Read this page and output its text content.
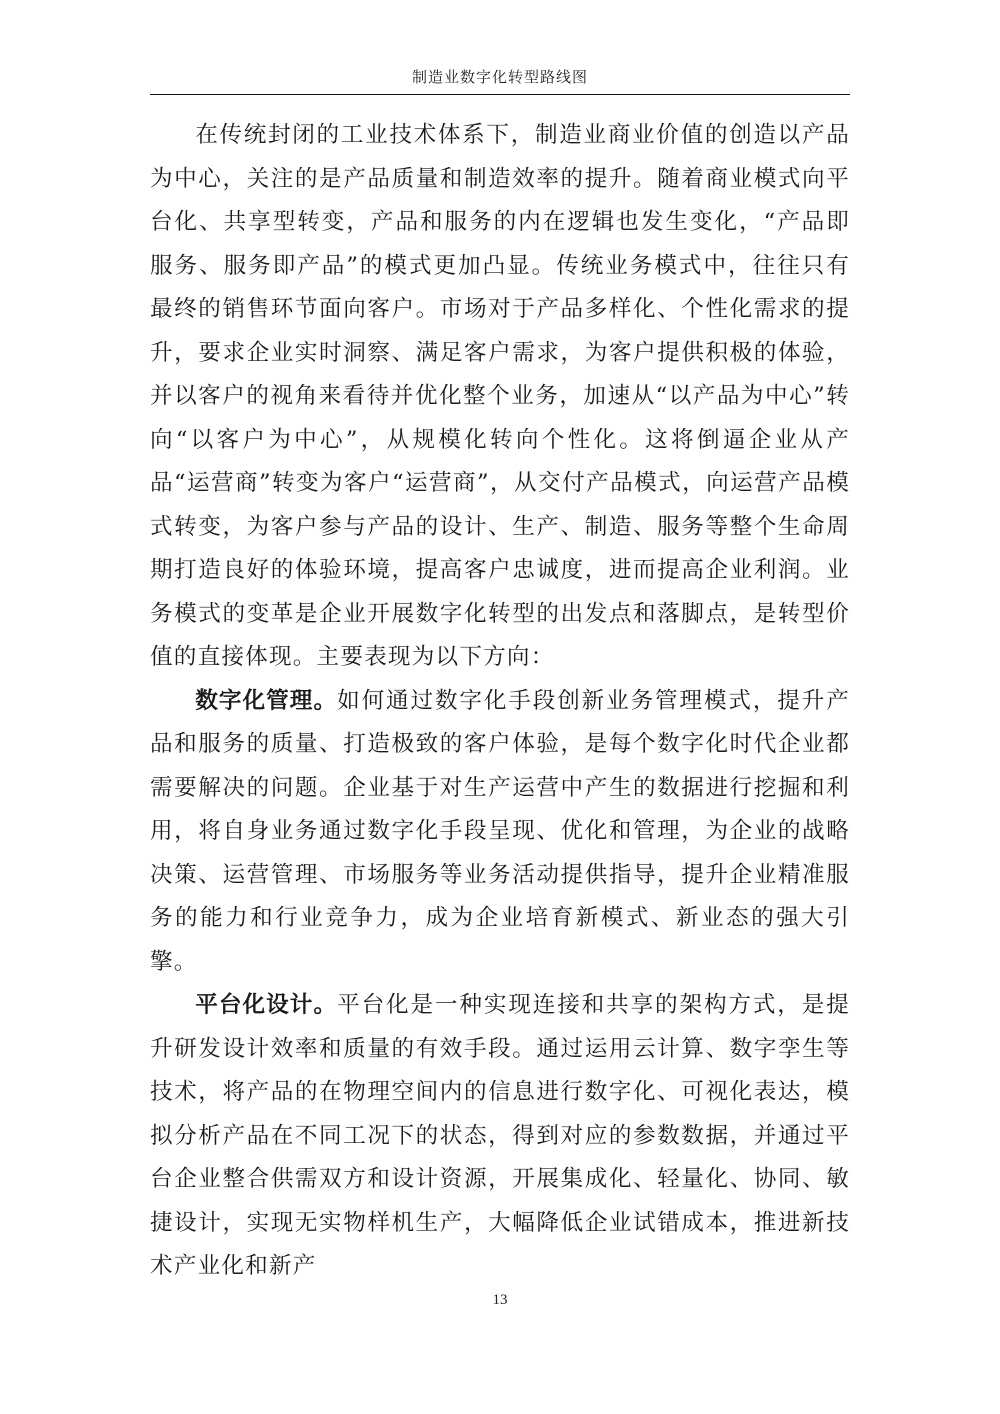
制造业数字化转型路线图

在传统封闭的工业技术体系下，制造业商业价值的创造以产品为中心，关注的是产品质量和制造效率的提升。随着商业模式向平台化、共享型转变，产品和服务的内在逻辑也发生变化，“产品即服务、服务即产品”的模式更加凸显。传统业务模式中，往往只有最终的销售环节面向客户。市场对于产品多样化、个性化需求的提升，要求企业实时洞察、满足客户需求，为客户提供积极的体验，并以客户的视角来看待并优化整个业务，加速从“以产品为中心”转向“以客户为中心”，从规模化转向个性化。这将倒逼企业从产品“运营商”转变为客户“运营商”，从交付产品模式，向运营产品模式转变，为客户参与产品的设计、生产、制造、服务等整个生命周期打造良好的体验环境，提高客户忠诚度，进而提高企业利润。业务模式的变革是企业开展数字化转型的出发点和落脚点，是转型价值的直接体现。主要表现为以下方向：

数字化管理。如何通过数字化手段创新业务管理模式，提升产品和服务的质量、打造极致的客户体验，是每个数字化时代企业都需要解决的问题。企业基于对生产运营中产生的数据进行挖掘和利用，将自身业务通过数字化手段呈现、优化和管理，为企业的战略决策、运营管理、市场服务等业务活动提供指导，提升企业精准服务的能力和行业竞争力，成为企业培育新模式、新业态的强大引擎。

平台化设计。平台化是一种实现连接和共享的架构方式，是提升研发设计效率和质量的有效手段。通过运用云计算、数字孪生等技术，将产品的在物理空间内的信息进行数字化、可视化表达，模拟分析产品在不同工况下的状态，得到对应的参数数据，并通过平台企业整合供需双方和设计资源，开展集成化、轻量化、协同、敏捷设计，实现无实物样机生产，大幅降低企业试错成本，推进新技术产业化和新产

13
